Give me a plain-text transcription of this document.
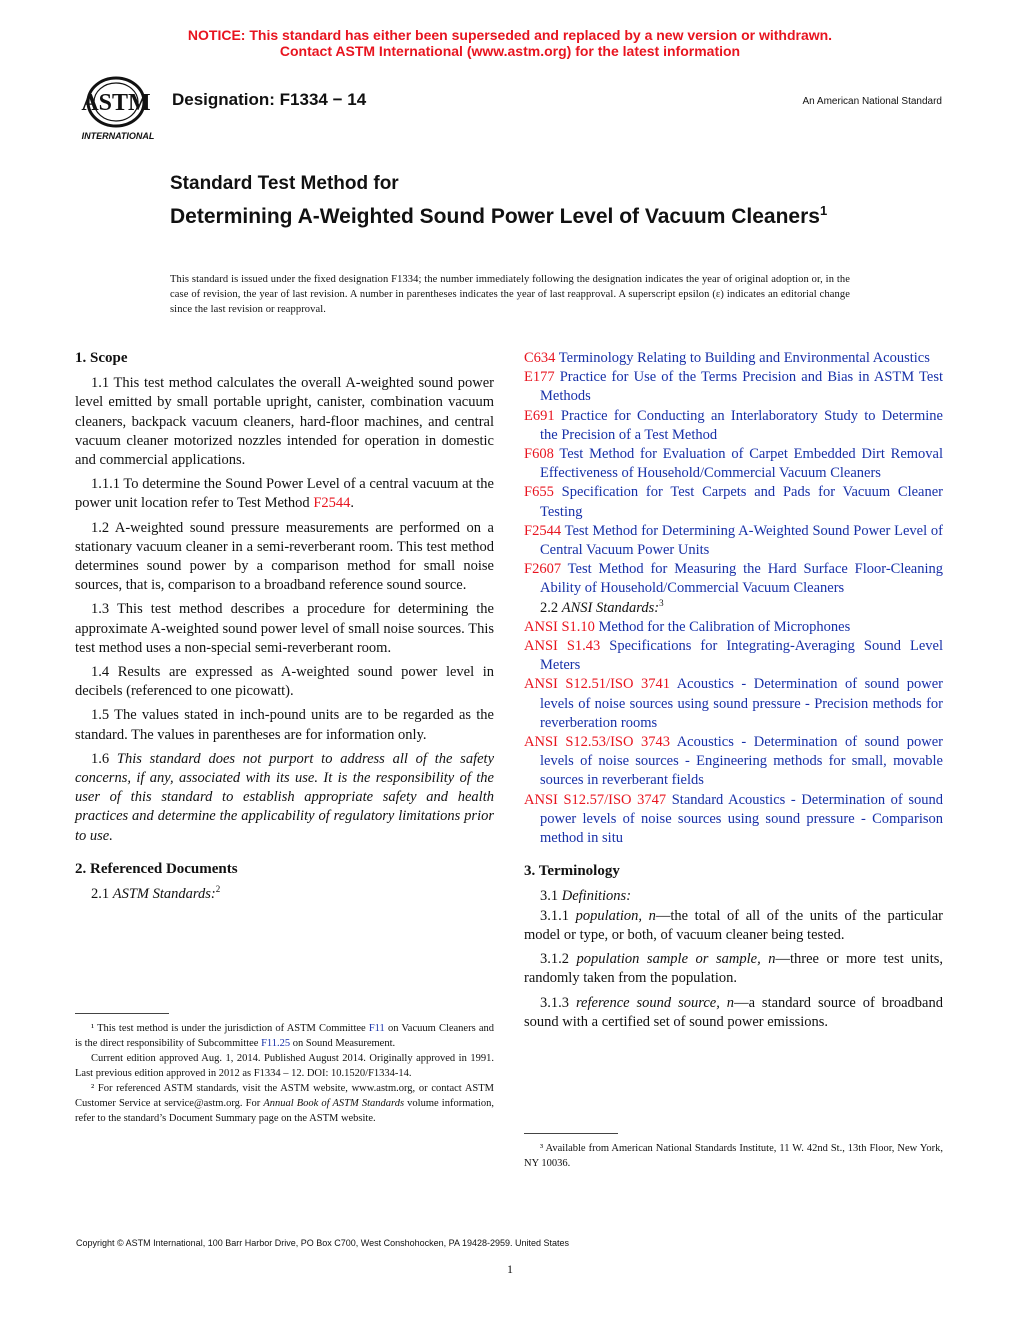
NOTICE: This standard has either been superseded and replaced by a new version or withdrawn.
Contact ASTM International (www.astm.org) for the latest information
ASTM
INTERNATIONAL
Designation: F1334 − 14	An American National Standard
Standard Test Method for
Determining A-Weighted Sound Power Level of Vacuum Cleaners$^1$
This standard is issued under the fixed designation F1334; the number immediately following the designation indicates the year of original adoption or, in the case of revision, the year of last revision. A number in parentheses indicates the year of last reapproval. A superscript epsilon (ε) indicates an editorial change since the last revision or reapproval.
1. Scope

1.1 This test method calculates the overall A-weighted sound power level emitted by small portable upright, canister, combination vacuum cleaners, backpack vacuum cleaners, hard-floor machines, and central vacuum cleaner motorized nozzles intended for operation in domestic and commercial applications.

1.1.1 To determine the Sound Power Level of a central vacuum at the power unit location refer to Test Method F2544.

1.2 A-weighted sound pressure measurements are performed on a stationary vacuum cleaner in a semi-reverberant room. This test method determines sound power by a comparison method for small noise sources, that is, comparison to a broadband reference sound source.

1.3 This test method describes a procedure for determining the approximate A-weighted sound power level of small noise sources. This test method uses a non-special semi-reverberant room.

1.4 Results are expressed as A-weighted sound power level in decibels (referenced to one picowatt).

1.5 The values stated in inch-pound units are to be regarded as the standard. The values in parentheses are for information only.

1.6 This standard does not purport to address all of the safety concerns, if any, associated with its use. It is the responsibility of the user of this standard to establish appropriate safety and health practices and determine the applicability of regulatory limitations prior to use.

2. Referenced Documents

2.1 ASTM Standards:$^2$

¹ This test method is under the jurisdiction of ASTM Committee F11 on Vacuum Cleaners and is the direct responsibility of Subcommittee F11.25 on Sound Measurement.
Current edition approved Aug. 1, 2014. Published August 2014. Originally approved in 1991. Last previous edition approved in 2012 as F1334 – 12. DOI: 10.1520/F1334-14.
² For referenced ASTM standards, visit the ASTM website, www.astm.org, or contact ASTM Customer Service at service@astm.org. For Annual Book of ASTM Standards volume information, refer to the standard’s Document Summary page on the ASTM website.

C634 Terminology Relating to Building and Environmental Acoustics

E177 Practice for Use of the Terms Precision and Bias in ASTM Test Methods

E691 Practice for Conducting an Interlaboratory Study to Determine the Precision of a Test Method

F608 Test Method for Evaluation of Carpet Embedded Dirt Removal Effectiveness of Household/Commercial Vacuum Cleaners

F655 Specification for Test Carpets and Pads for Vacuum Cleaner Testing

F2544 Test Method for Determining A-Weighted Sound Power Level of Central Vacuum Power Units

F2607 Test Method for Measuring the Hard Surface Floor-Cleaning Ability of Household/Commercial Vacuum Cleaners

2.2 ANSI Standards:$^3$

ANSI S1.10 Method for the Calibration of Microphones

ANSI S1.43 Specifications for Integrating-Averaging Sound Level Meters

ANSI S12.51/ISO 3741 Acoustics - Determination of sound power levels of noise sources using sound pressure - Precision methods for reverberation rooms

ANSI S12.53/ISO 3743 Acoustics - Determination of sound power levels of noise sources - Engineering methods for small, movable sources in reverberant fields

ANSI S12.57/ISO 3747 Standard Acoustics - Determination of sound power levels of noise sources using sound pressure - Comparison method in situ

3. Terminology

3.1 Definitions:

3.1.1 population, n—the total of all of the units of the particular model or type, or both, of vacuum cleaner being tested.

3.1.2 population sample or sample, n—three or more test units, randomly taken from the population.

3.1.3 reference sound source, n—a standard source of broadband sound with a certified set of sound power emissions.

³ Available from American National Standards Institute, 11 W. 42nd St., 13th Floor, New York, NY 10036.
Copyright © ASTM International, 100 Barr Harbor Drive, PO Box C700, West Conshohocken, PA 19428-2959. United States
1
